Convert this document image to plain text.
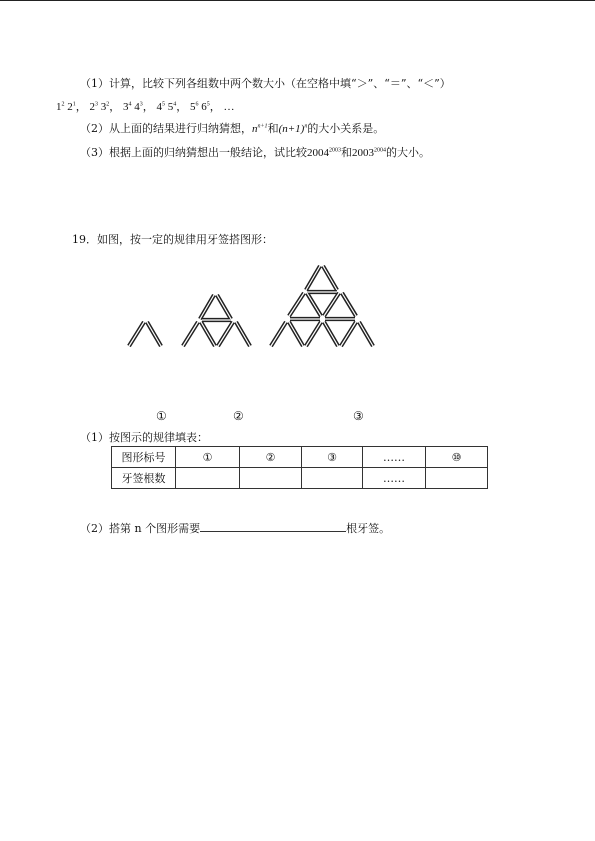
（1）计算，比较下列各组数中两个数大小（在空格中填“＞”、“＝”、“＜”）
$1^2$ $2^1$， $2^3$ $3^2$， $3^4$ $4^3$， $4^5$ $5^4$， $5^6$ $6^5$， …
（2）从上面的结果进行归纳猜想，$n^{n+1}$和$(n+1)^n$的大小关系是。
（3）根据上面的归纳猜想出一般结论，试比较$2004^{2003}$和$2003^{2004}$的大小。
19．如图，按一定的规律用牙签搭图形：
①	②	③
（1）按图示的规律填表：
图形标号	①	②	③	……	⑩
牙签根数				……	
（2）搭第 n 个图形需要	根牙签。
